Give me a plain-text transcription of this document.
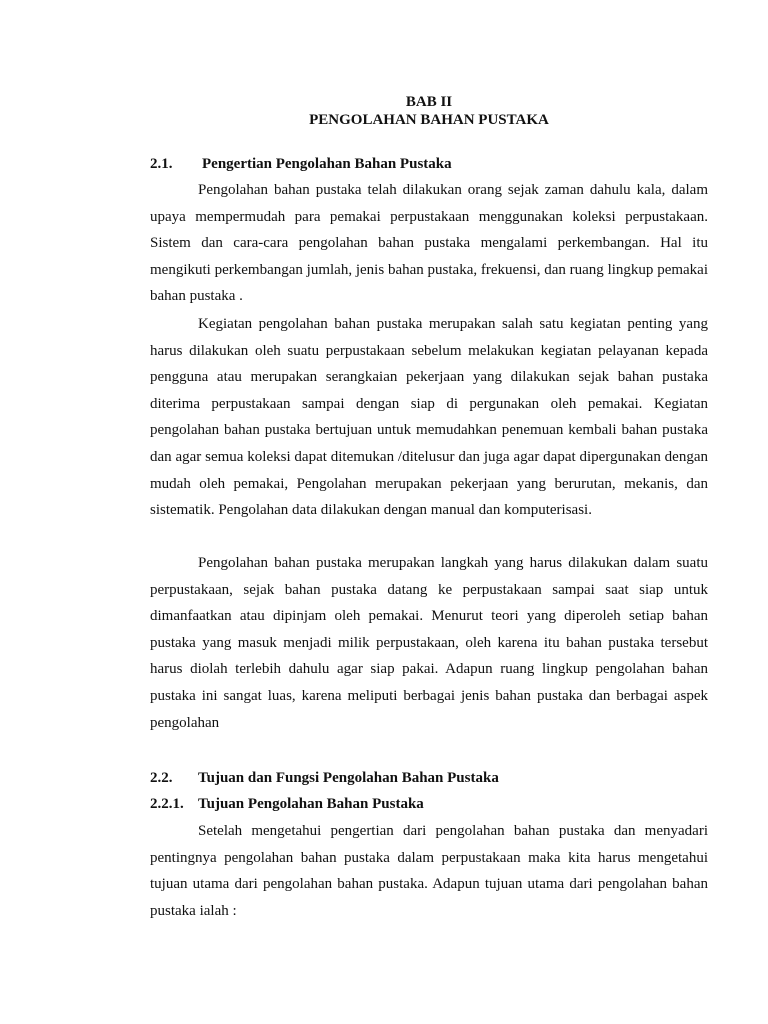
BAB II
PENGOLAHAN BAHAN PUSTAKA
2.1. Pengertian Pengolahan Bahan Pustaka

Pengolahan bahan pustaka telah dilakukan orang sejak zaman dahulu kala, dalam upaya mempermudah para pemakai perpustakaan menggunakan koleksi perpustakaan. Sistem dan cara-cara pengolahan bahan pustaka mengalami perkembangan. Hal itu mengikuti perkembangan jumlah, jenis bahan pustaka, frekuensi, dan ruang lingkup pemakai bahan pustaka .

Kegiatan pengolahan bahan pustaka merupakan salah satu kegiatan penting yang harus dilakukan oleh suatu perpustakaan sebelum melakukan kegiatan pelayanan kepada pengguna atau merupakan serangkaian pekerjaan yang dilakukan sejak bahan pustaka diterima perpustakaan sampai dengan siap di pergunakan oleh pemakai. Kegiatan pengolahan bahan pustaka bertujuan untuk memudahkan penemuan kembali bahan pustaka dan agar semua koleksi dapat ditemukan /ditelusur dan juga agar dapat dipergunakan dengan mudah oleh pemakai, Pengolahan merupakan pekerjaan yang berurutan, mekanis, dan sistematik. Pengolahan data dilakukan dengan manual dan komputerisasi.

Pengolahan bahan pustaka merupakan langkah yang harus dilakukan dalam suatu perpustakaan, sejak bahan pustaka datang ke perpustakaan sampai saat siap untuk dimanfaatkan atau dipinjam oleh pemakai. Menurut teori yang diperoleh setiap bahan pustaka yang masuk menjadi milik perpustakaan, oleh karena itu bahan pustaka tersebut harus diolah terlebih dahulu agar siap pakai. Adapun ruang lingkup pengolahan bahan pustaka ini sangat luas, karena meliputi berbagai jenis bahan pustaka dan berbagai aspek pengolahan

2.2. Tujuan dan Fungsi Pengolahan Bahan Pustaka
2.2.1. Tujuan Pengolahan Bahan Pustaka

Setelah mengetahui pengertian dari pengolahan bahan pustaka dan menyadari pentingnya pengolahan bahan pustaka dalam perpustakaan maka kita harus mengetahui tujuan utama dari pengolahan bahan pustaka. Adapun tujuan utama dari pengolahan bahan pustaka ialah :
